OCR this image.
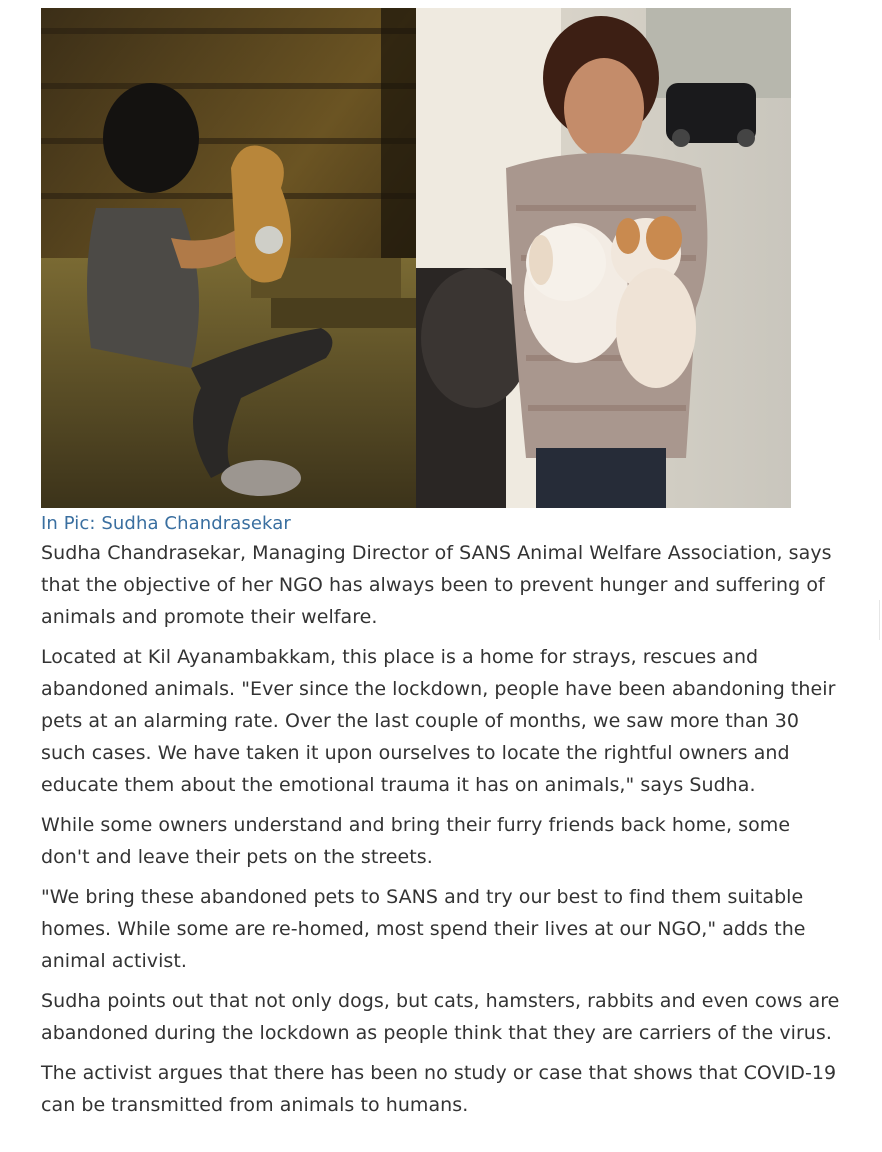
In Pic: Sudha Chandrasekar

Sudha Chandrasekar, Managing Director of SANS Animal Welfare Association, says that the objective of her NGO has always been to prevent hunger and suffering of animals and promote their welfare.

Located at Kil Ayanambakkam, this place is a home for strays, rescues and abandoned animals. "Ever since the lockdown, people have been abandoning their pets at an alarming rate. Over the last couple of months, we saw more than 30 such cases. We have taken it upon ourselves to locate the rightful owners and educate them about the emotional trauma it has on animals," says Sudha.

While some owners understand and bring their furry friends back home, some don't and leave their pets on the streets.

"We bring these abandoned pets to SANS and try our best to find them suitable homes. While some are re-homed, most spend their lives at our NGO," adds the animal activist.

Sudha points out that not only dogs, but cats, hamsters, rabbits and even cows are abandoned during the lockdown as people think that they are carriers of the virus.

The activist argues that there has been no study or case that shows that COVID-19 can be transmitted from animals to humans.
